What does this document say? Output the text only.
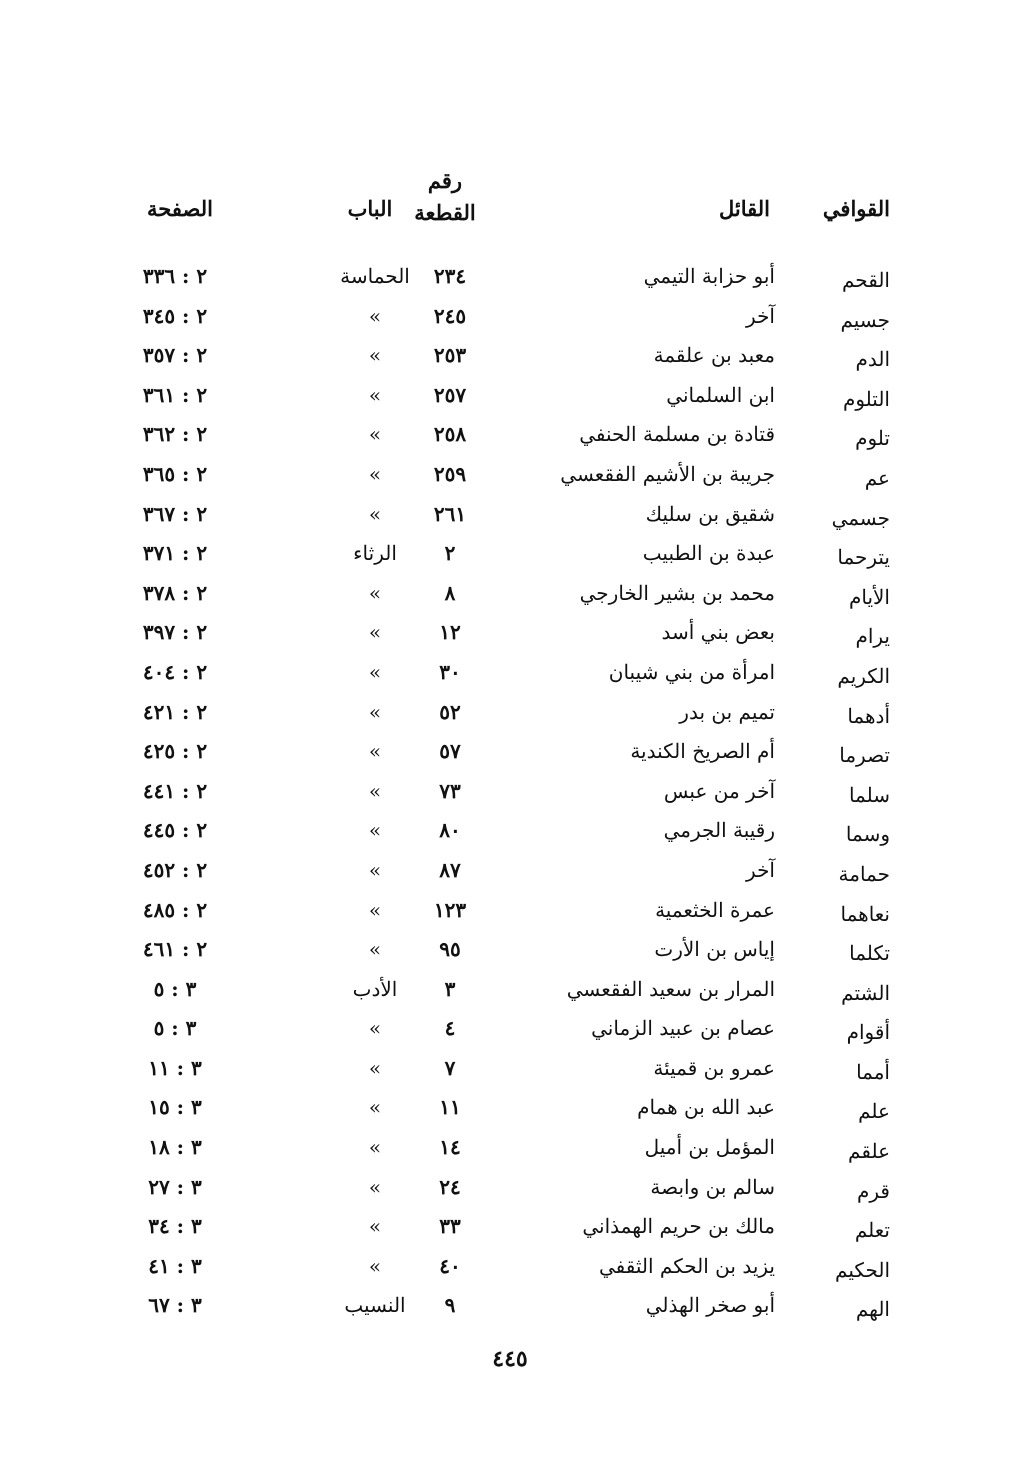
القوافي
القائل
رقم
القطعة
الباب
الصفحة
القحم
أبو حزابة التيمي
٢٣٤
الحماسة
٢ : ٣٣٦
جسيم
آخر
٢٤٥
»
٢ : ٣٤٥
الدم
معبد بن علقمة
٢٥٣
»
٢ : ٣٥٧
التلوم
ابن السلماني
٢٥٧
»
٢ : ٣٦١
تلوم
قتادة بن مسلمة الحنفي
٢٥٨
»
٢ : ٣٦٢
عم
جريبة بن الأشيم الفقعسي
٢٥٩
»
٢ : ٣٦٥
جسمي
شقيق بن سليك
٢٦١
»
٢ : ٣٦٧
يترحما
عبدة بن الطبيب
٢
الرثاء
٢ : ٣٧١
الأيام
محمد بن بشير الخارجي
٨
»
٢ : ٣٧٨
يرام
بعض بني أسد
١٢
»
٢ : ٣٩٧
الكريم
امرأة من بني شيبان
٣٠
»
٢ : ٤٠٤
أدهما
تميم بن بدر
٥٢
»
٢ : ٤٢١
تصرما
أم الصريخ الكندية
٥٧
»
٢ : ٤٢٥
سلما
آخر من عبس
٧٣
»
٢ : ٤٤١
وسما
رقيبة الجرمي
٨٠
»
٢ : ٤٤٥
حمامة
آخر
٨٧
»
٢ : ٤٥٢
نعاهما
عمرة الخثعمية
١٢٣
»
٢ : ٤٨٥
تكلما
إياس بن الأرت
٩٥
»
٢ : ٤٦١
الشتم
المرار بن سعيد الفقعسي
٣
الأدب
٣ : ٥
أقوام
عصام بن عبيد الزماني
٤
»
٣ : ٥
أمما
عمرو بن قميئة
٧
»
٣ : ١١
علم
عبد الله بن همام
١١
»
٣ : ١٥
علقم
المؤمل بن أميل
١٤
»
٣ : ١٨
قرم
سالم بن وابصة
٢٤
»
٣ : ٢٧
تعلم
مالك بن حريم الهمذاني
٣٣
»
٣ : ٣٤
الحكيم
يزيد بن الحكم الثقفي
٤٠
»
٣ : ٤١
الهم
أبو صخر الهذلي
٩
النسيب
٣ : ٦٧
٤٤٥
